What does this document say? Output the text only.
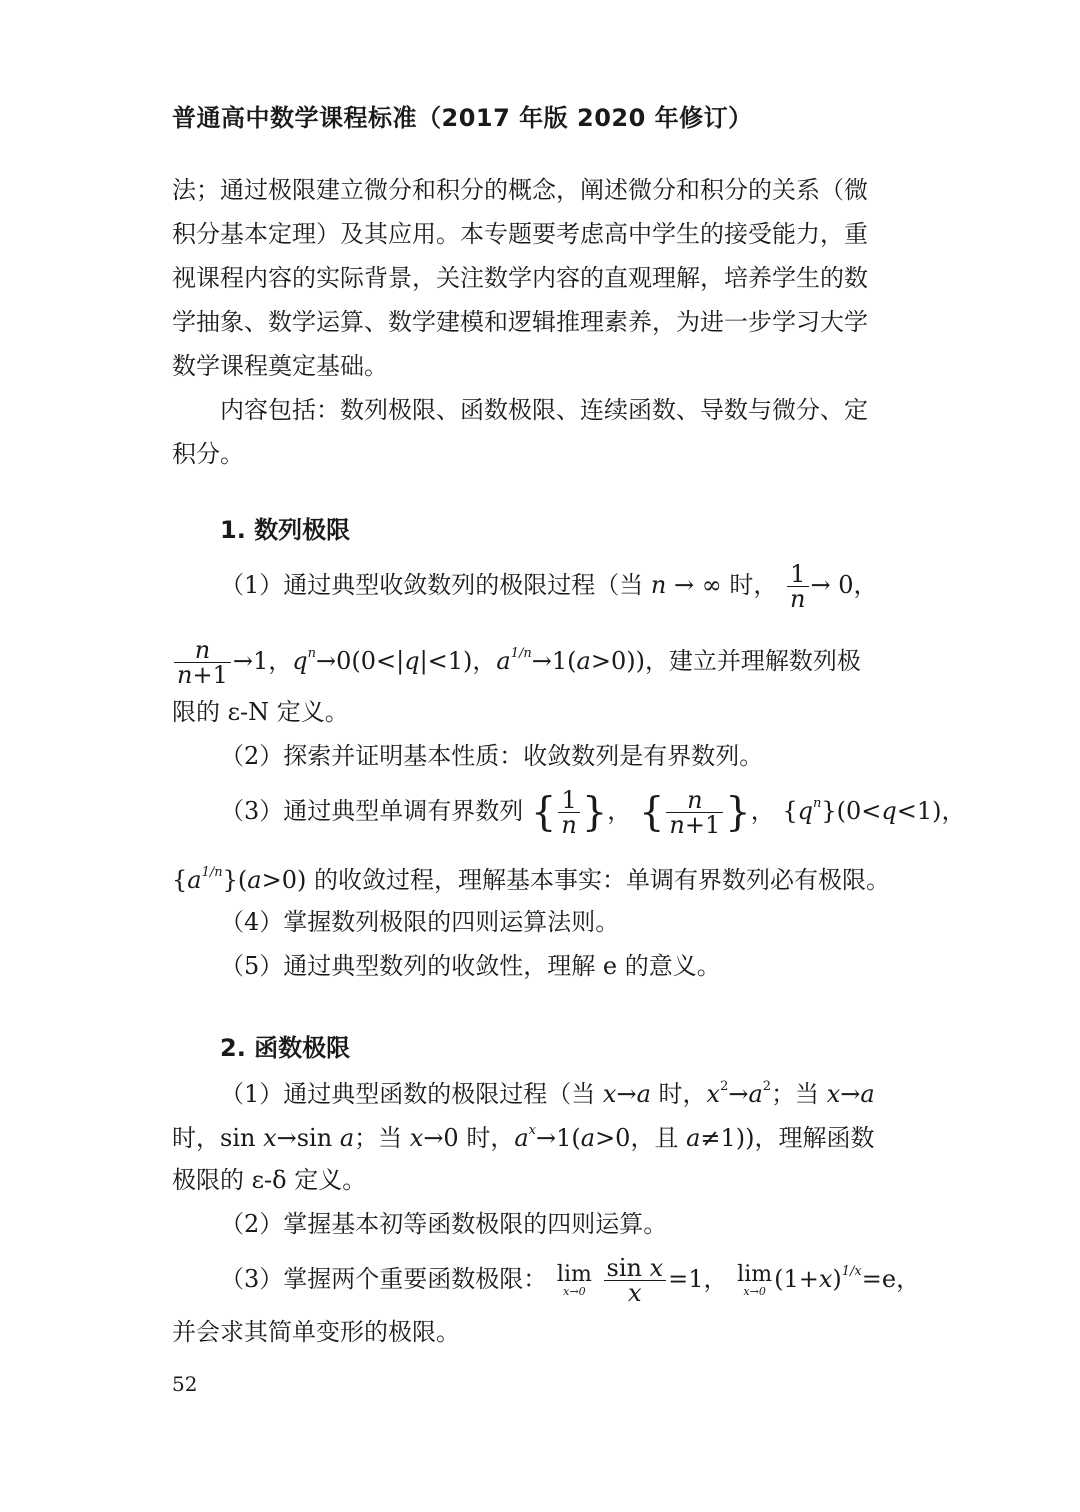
普通高中数学课程标准（2017 年版 2020 年修订）
法；通过极限建立微分和积分的概念，阐述微分和积分的关系（微
积分基本定理）及其应用。本专题要考虑高中学生的接受能力，重
视课程内容的实际背景，关注数学内容的直观理解，培养学生的数
学抽象、数学运算、数学建模和逻辑推理素养，为进一步学习大学
数学课程奠定基础。
内容包括：数列极限、函数极限、连续函数、导数与微分、定
积分。
1. 数列极限
（1）通过典型收敛数列的极限过程（当 n → ∞ 时， $\frac{1}{n} \to 0$，
$\frac{n}{n+1} \to 1$，$q^n\to 0(0<|q|<1)$，$a^{1/n}\to 1(a>0)$)，建立并理解数列极
限的 ε-N 定义。
（2）探索并证明基本性质：收敛数列是有界数列。
（3）通过典型单调有界数列 { $\frac{1}{n}$ }， { $\frac{n}{n+1}$ }， $\{q^n\}(0<q<1)$，
$\{a^{1/n}\}(a>0)$ 的收敛过程，理解基本事实：单调有界数列必有极限。
（4）掌握数列极限的四则运算法则。
（5）通过典型数列的收敛性，理解 e 的意义。
2. 函数极限
（1）通过典型函数的极限过程（当 x→a 时，$x^2\to a^2$；当 x→a
时，sin x→sin a；当 x→0 时，$a^x\to 1(a>0$，且 a≠1))，理解函数
极限的 ε-δ 定义。
（2）掌握基本初等函数极限的四则运算。
（3）掌握两个重要函数极限： lim
x→0
$\frac{\text{sin x}}{x} =1$， lim
x→0 $(1+x)^{1/x}=e$，
并会求其简单变形的极限。
52
